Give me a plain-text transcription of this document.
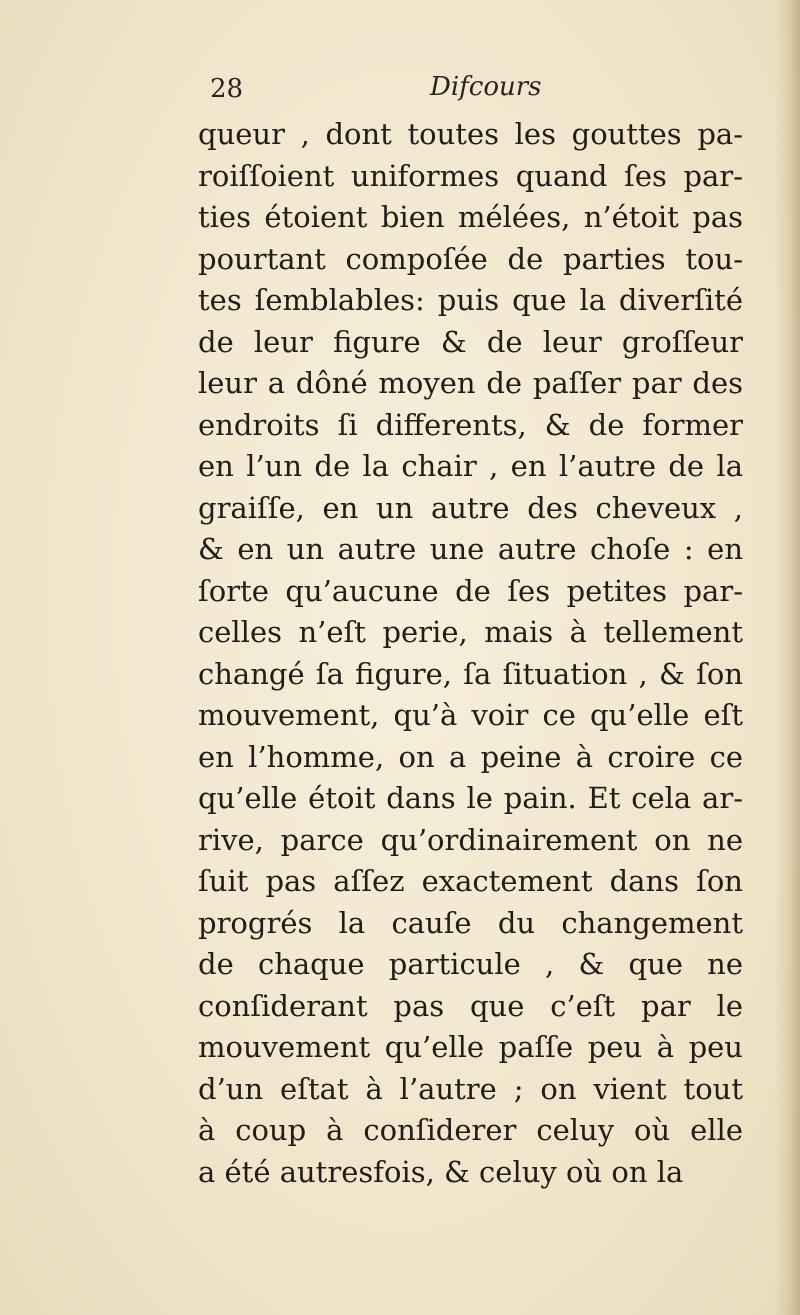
28	Difcours
queur , dont toutes les gouttes pa-
roiſſoient uniformes quand ſes par-
ties étoient bien mélées, n’étoit pas
pourtant compoſée de parties tou-
tes ſemblables: puis que la diverſité
de leur figure & de leur groſſeur
leur a dôné moyen de paſſer par des
endroits ſi differents, & de former
en l’un de la chair , en l’autre de la
graiſſe, en un autre des cheveux ,
& en un autre une autre choſe : en
ſorte qu’aucune de ſes petites par-
celles n’eſt perie, mais à tellement
changé ſa figure, ſa ſituation , & ſon
mouvement, qu’à voir ce qu’elle eſt
en l’homme, on a peine à croire ce
qu’elle étoit dans le pain. Et cela ar-
rive, parce qu’ordinairement on ne
ſuit pas aſſez exactement dans ſon
progrés la cauſe du changement
de chaque particule , & que ne
conſiderant pas que c’eſt par le
mouvement qu’elle paſſe peu à peu
d’un eſtat à l’autre ; on vient tout
à coup à conſiderer celuy où elle
a été autresfois, & celuy où on la
